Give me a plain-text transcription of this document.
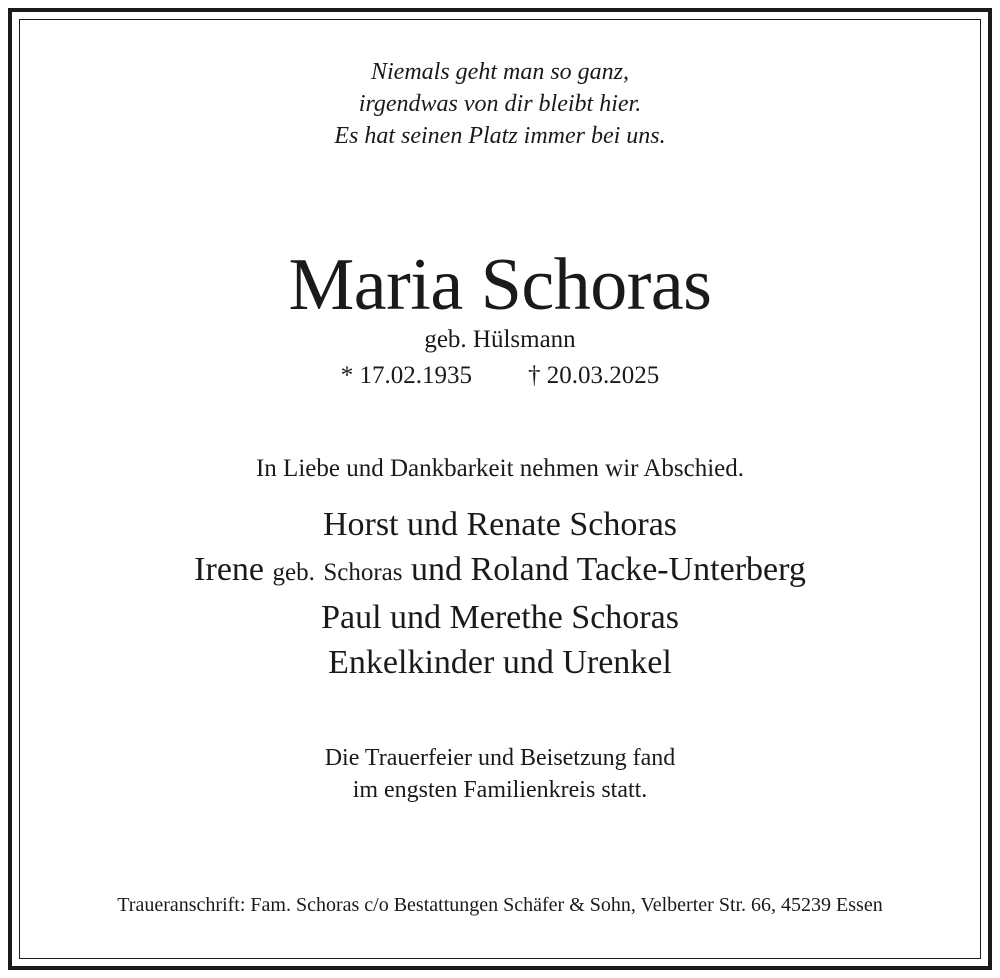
Niemals geht man so ganz,
irgendwas von dir bleibt hier.
Es hat seinen Platz immer bei uns.
Maria Schoras
geb. Hülsmann
* 17.02.1935 † 20.03.2025
In Liebe und Dankbarkeit nehmen wir Abschied.
Horst und Renate Schoras
Irene geb. Schoras und Roland Tacke-Unterberg
Paul und Merethe Schoras
Enkelkinder und Urenkel
Die Trauerfeier und Beisetzung fand
im engsten Familienkreis statt.
Traueranschrift: Fam. Schoras c/o Bestattungen Schäfer & Sohn, Velberter Str. 66, 45239 Essen
